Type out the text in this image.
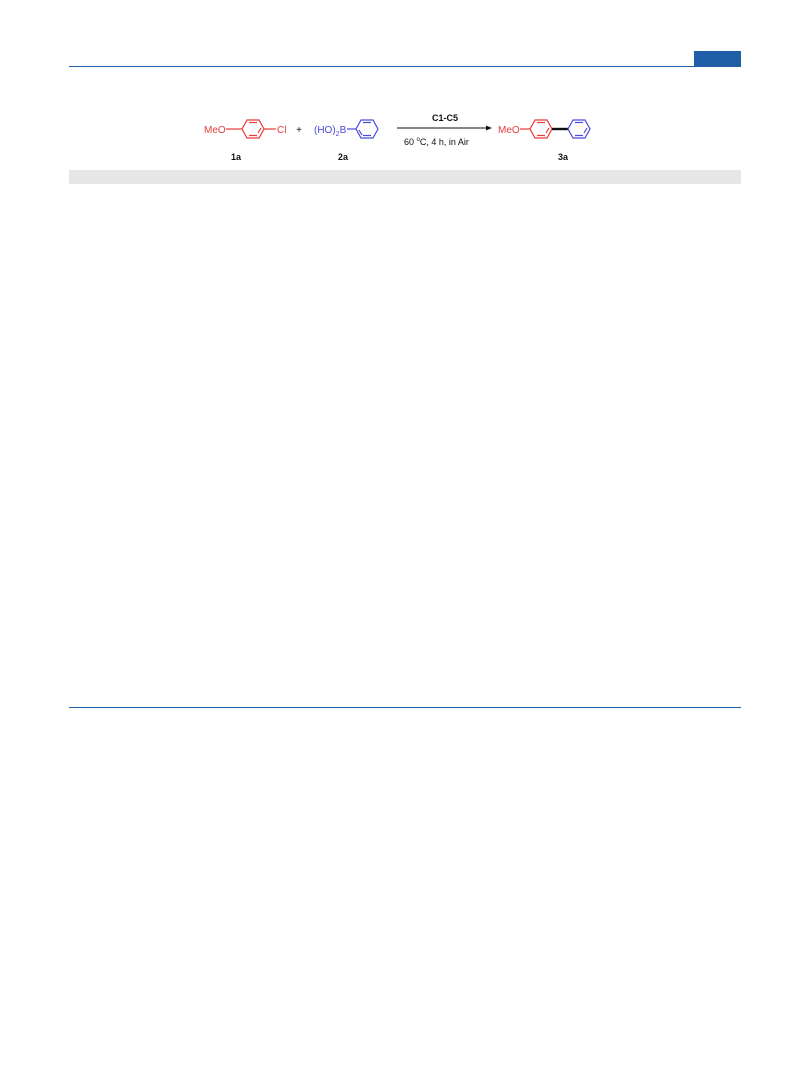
MeO	Cl
1a
+ $(HO)_2B$
2a
C1-C5
60 $^o$C, 4 h, in Air
MeO
3a
